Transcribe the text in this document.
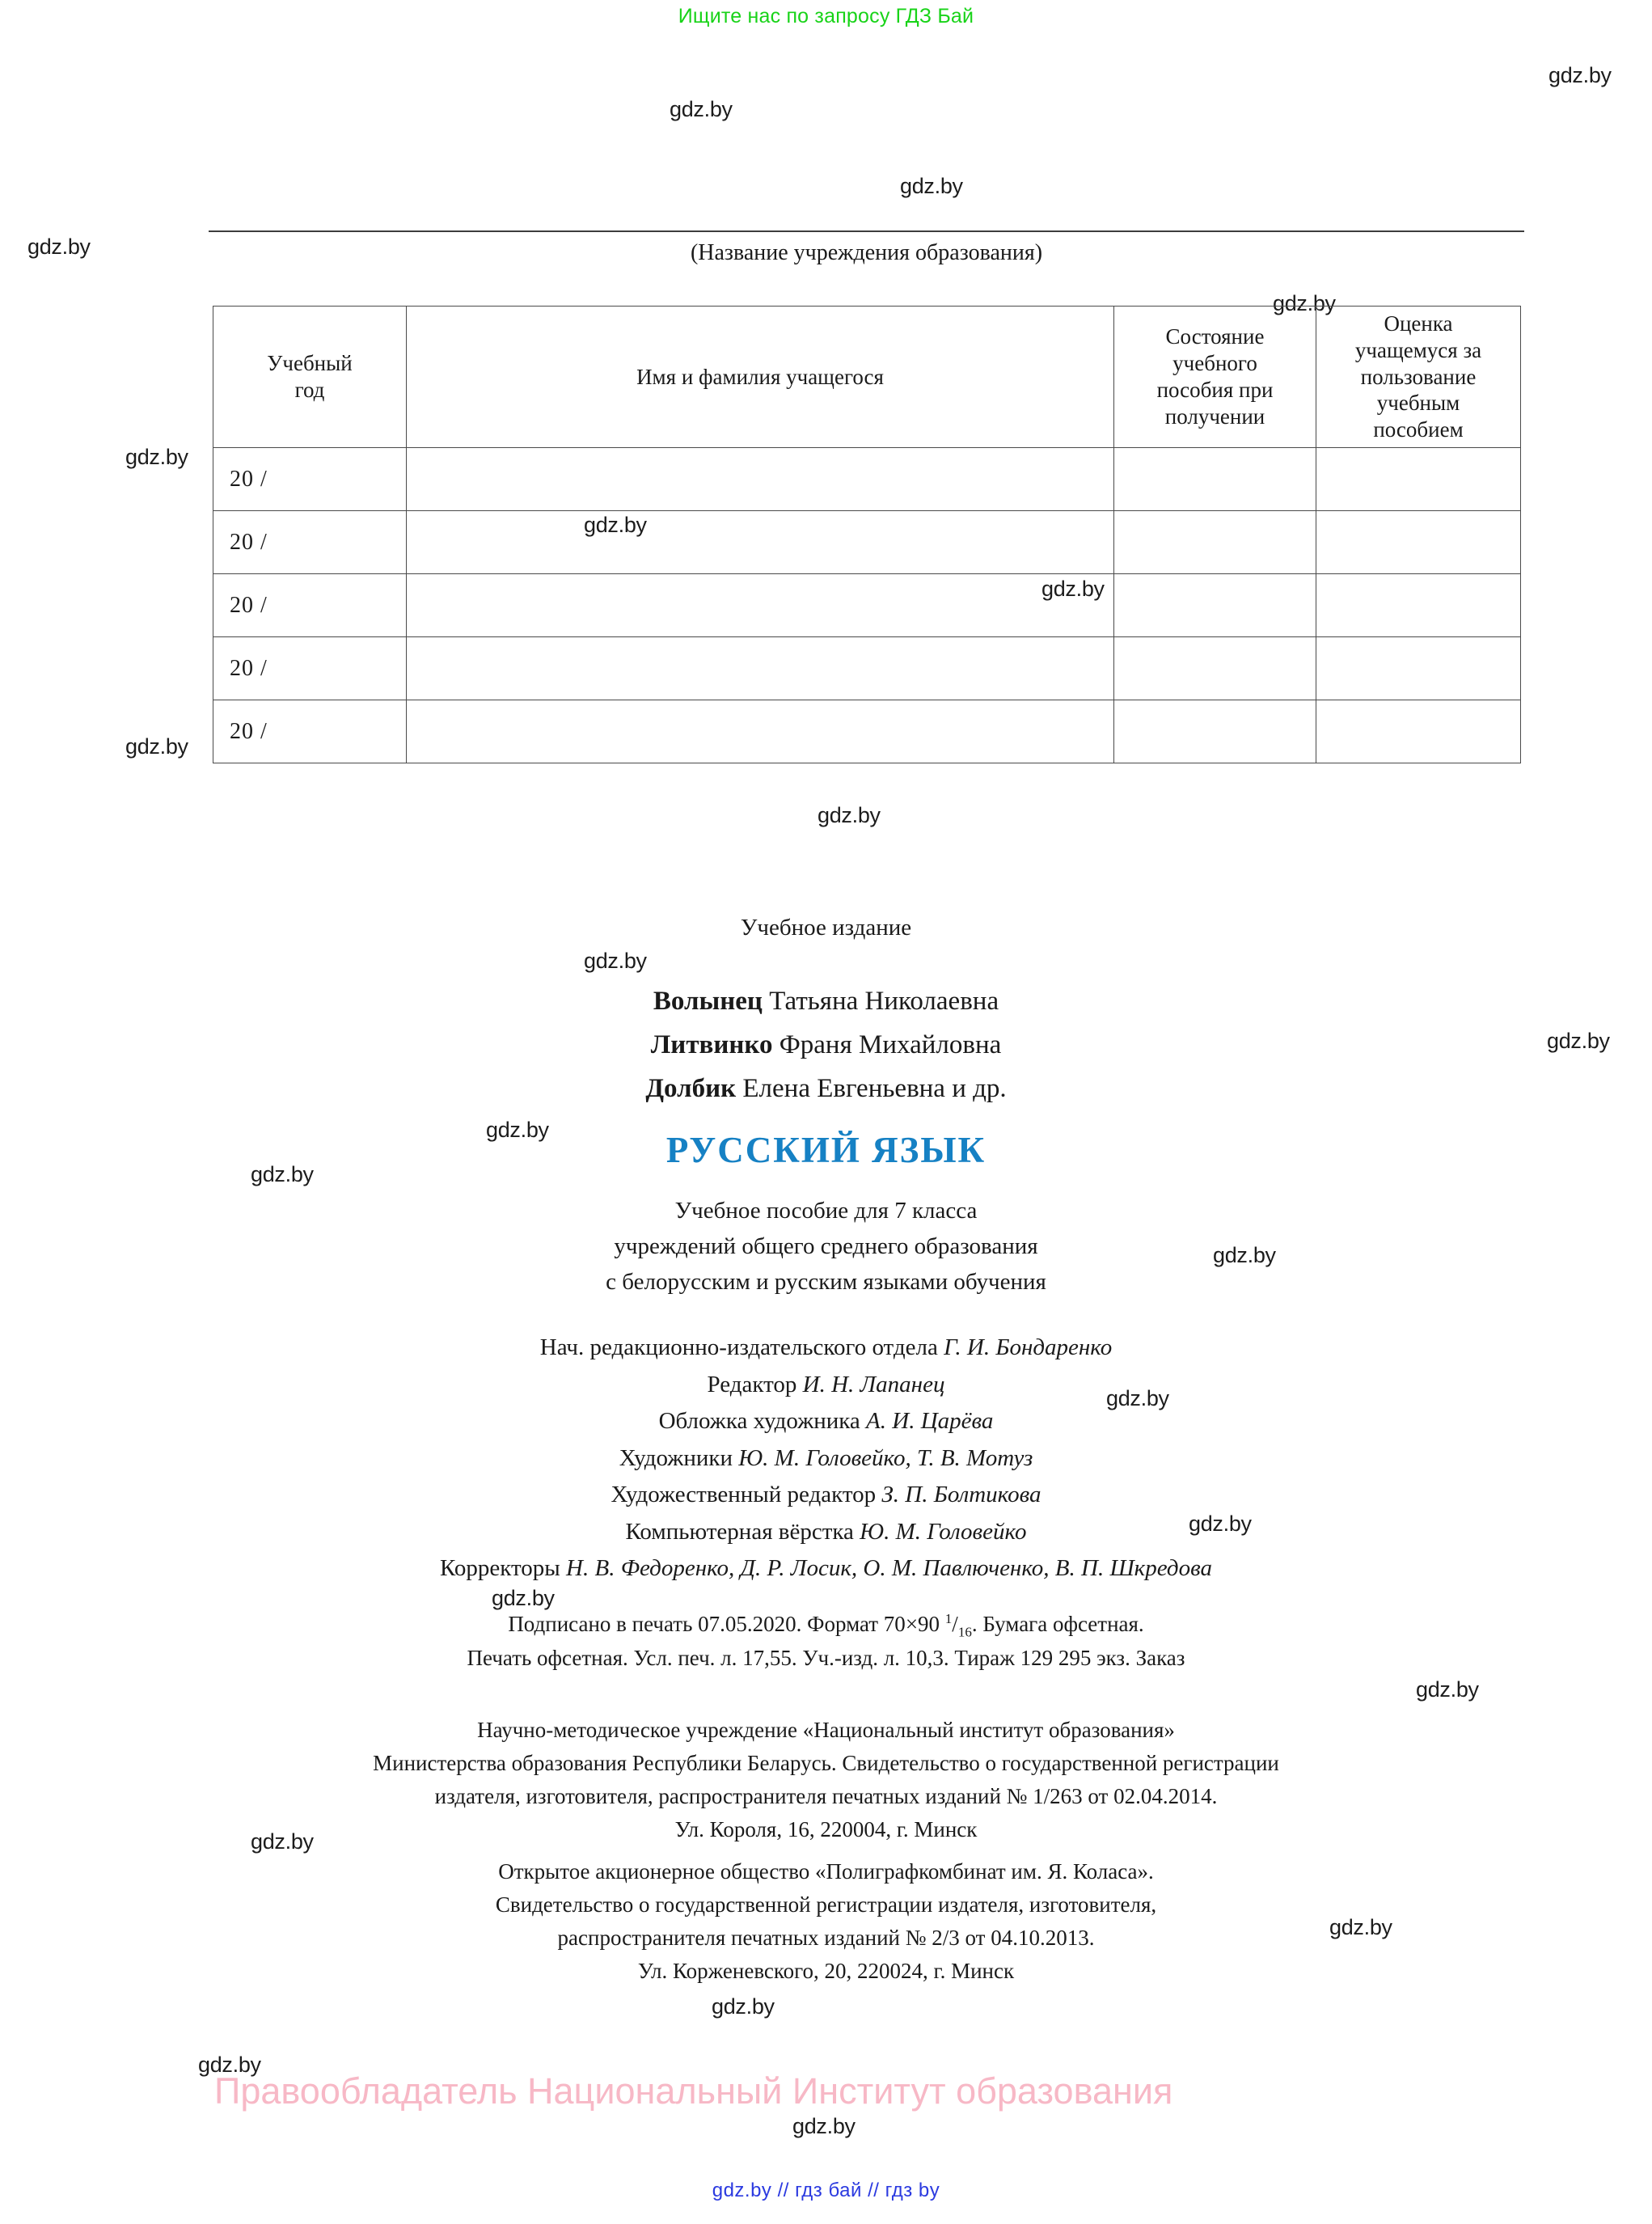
Ищите нас по запросу ГДЗ Бай
gdz.by
gdz.by
gdz.by
gdz.by
gdz.by
gdz.by
gdz.by
gdz.by
gdz.by
gdz.by
gdz.by
gdz.by
gdz.by
gdz.by
gdz.by
gdz.by
gdz.by
gdz.by
gdz.by
gdz.by
gdz.by
gdz.by
gdz.by
gdz.by
(Название учреждения образования)
Учебный
год	Имя и фамилия учащегося	Состояние
учебного
пособия при
получении	Оценка
учащемуся за
пользование
учебным
пособием
20 /			
20 /			
20 /			
20 /			
20 /			
Учебное издание
Волынец Татьяна Николаевна
Литвинко Франя Михайловна
Долбик Елена Евгеньевна и др.
РУССКИЙ ЯЗЫК
Учебное пособие для 7 класса
учреждений общего среднего образования
с белорусским и русским языками обучения
Нач. редакционно-издательского отдела Г. И. Бондаренко
Редактор И. Н. Лапанец
Обложка художника А. И. Царёва
Художники Ю. М. Головейко, Т. В. Мотуз
Художественный редактор З. П. Болтикова
Компьютерная вёрстка Ю. М. Головейко
Корректоры Н. В. Федоренко, Д. Р. Лосик, О. М. Павлюченко, В. П. Шкредова
Подписано в печать 07.05.2020. Формат 70×90 $^1/_{16}$. Бумага офсетная.
Печать офсетная. Усл. печ. л. 17,55. Уч.-изд. л. 10,3. Тираж 129 295 экз. Заказ
Научно-методическое учреждение «Национальный институт образования»
Министерства образования Республики Беларусь. Свидетельство о государственной регистрации
издателя, изготовителя, распространителя печатных изданий № 1/263 от 02.04.2014.
Ул. Короля, 16, 220004, г. Минск
Открытое акционерное общество «Полиграфкомбинат им. Я. Коласа».
Свидетельство о государственной регистрации издателя, изготовителя,
распространителя печатных изданий № 2/3 от 04.10.2013.
Ул. Корженевского, 20, 220024, г. Минск
Правообладатель Национальный Институт образования
gdz.by // гдз бай // гдз by
